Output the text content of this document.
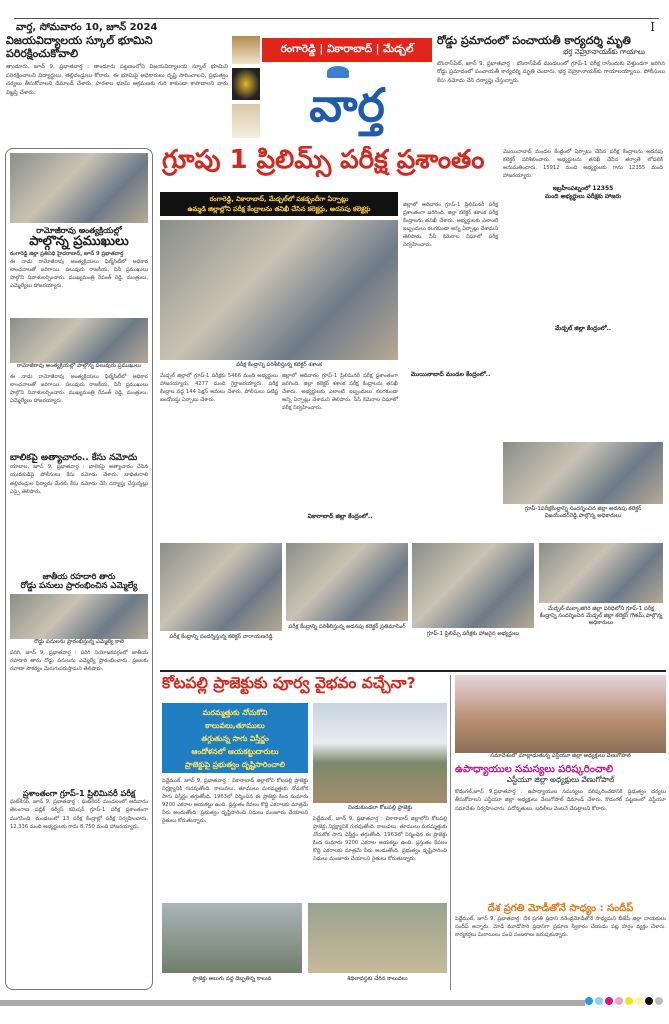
వార్త, సోమవారం 10, జూన్ 2024	I
విజయవిద్యాలయ స్కూల్ భూమిని పరిరక్షించుకోవాలి
తాండూరు, జూన్ 9, ప్రభాతవార్త : తాండూరు పట్టణంలోని విజయవిద్యాలయ స్కూల్ భూమిని పరిరక్షించాలని విద్యార్థులు, తల్లిదండ్రులు కోరారు. ఈ భూమిపై అధికారులు దృష్టి సారించాలని, ప్రభుత్వం చర్యలు తీసుకోవాలని డిమాండ్ చేశారు. పాఠశాల భూమి ఆక్రమణకు గురి కాకుండా కాపాడాలని వారు విజ్ఞప్తి చేశారు.
రంగారెడ్డి | వికారాబాద్ | మేడ్చల్
వార్త
రోడ్డు ప్రమాదంలో పంచాయతీ కార్యదర్శి మృతి
భర్త నెహ్రూనాయక్‌కు గాయాలు
బొంరాస్‌పేట్, జూన్ 9, ప్రభాతవార్త : బొంరాస్‌పేట్ మండలంలో గ్రూప్-1 పరీక్ష రాసేందుకు వెళ్తుండగా జరిగిన రోడ్డు ప్రమాదంలో పంచాయతీ కార్యదర్శి మృతి చెందారు. భర్త నెహ్రూనాయక్‌కు గాయాలయ్యాయి. పోలీసులు కేసు నమోదు చేసి దర్యాప్తు చేస్తున్నారు.
రామోజీరావు అంత్యక్రియల్లో
పాల్గొన్న ప్రముఖులు
రంగారెడ్డి జిల్లా ప్రతినిధి హైదరాబాద్, జూన్ 9 ప్రభాతవార్త
ఈ నాడు రామోజీరావు అంత్యక్రియలు ఫిల్మ్‌సిటీలో అధికార లాంఛనాలతో జరిగాయి. పలువురు రాజకీయ, సినీ ప్రముఖులు పాల్గొని నివాళులర్పించారు. ముఖ్యమంత్రి రేవంత్ రెడ్డి, మంత్రులు, ఎమ్మెల్యేలు హాజరయ్యారు.
రామోజీరావు అంత్యక్రియల్లో పాల్గొన్న పలువురు ప్రముఖులు
ఈ నాడు రామోజీరావు అంత్యక్రియలు ఫిల్మ్‌సిటీలో అధికార లాంఛనాలతో జరిగాయి. పలువురు రాజకీయ, సినీ ప్రముఖులు పాల్గొని నివాళులర్పించారు. ముఖ్యమంత్రి రేవంత్ రెడ్డి, మంత్రులు, ఎమ్మెల్యేలు హాజరయ్యారు.
బాలికపై అత్యాచారం.. కేసు నమోదు
యాలాల, జూన్ 9, ప్రభాతవార్త : బాలికపై అత్యాచారం చేసిన యువకుడిపై పోలీసులు కేసు నమోదు చేశారు. బాధితురాలి తల్లిదండ్రుల ఫిర్యాదు మేరకు కేసు నమోదు చేసి దర్యాప్తు చేస్తున్నట్లు ఎస్సై తెలిపారు.
జాతీయ రహదారి తారు
రోడ్డు పనులు ప్రారంభించిన ఎమ్మెల్యే
రోడ్డు పనులను ప్రారంభిస్తున్న ఎమ్మెల్యే కాలె
పరిగి, జూన్ 9, ప్రభాతవార్త : పరిగి నియోజకవర్గంలో జాతీయ రహదారి తారు రోడ్డు పనులను ఎమ్మెల్యే ప్రారంభించారు. ప్రజలకు రవాణా సౌకర్యం మెరుగుపరుస్తామని తెలిపారు.
ప్రశాంతంగా గ్రూప్-1 ప్రిలిమినరీ పరీక్ష
ఘట్‌కేసర్, జూన్ 9, ప్రభాతవార్త : ఘట్‌కేసర్ మండలంలో ఆదివారం తెలంగాణ పబ్లిక్ సర్వీస్ కమిషన్ గ్రూప్-1 పరీక్ష ప్రశాంతంగా ముగిసింది. మండలంలో 13 పరీక్ష కేంద్రాల్లో పరీక్ష నిర్వహించారు. 12,336 మంది అభ్యర్థులకు గాను 8,750 మంది హాజరయ్యారు.
గ్రూపు 1 ప్రిలిమ్స్ పరీక్ష ప్రశాంతం	మొయినాబాద్ మండల కేంద్రంలో ఏర్పాటు చేసిన పరీక్ష కేంద్రాలను అదనపు కలెక్టర్ పరిశీలించారు. అభ్యర్థులను తనిఖీ చేసిన తర్వాతే లోపలికి అనుమతించారు. 15912 మంది అభ్యర్థులకు గాను 12355 మంది హాజరయ్యారు.
రంగారెడ్డి, వికారాబాద్, మేడ్చల్‌లో పకడ్బందీగా ఏర్పాట్లు
ఉమ్మడి జిల్లాల్లోని పరీక్ష కేంద్రాలను తనిఖీ చేసిన కలెక్టర్లు, అదనపు కలెక్టర్లు
పరీక్ష కేంద్రాన్ని పరిశీలిస్తున్న కలెక్టర్ శశాంక
జిల్లాలో ఆదివారం గ్రూప్-1 ప్రిలిమినరీ పరీక్ష ప్రశాంతంగా జరిగింది. జిల్లా కలెక్టర్ శశాంక పరీక్ష కేంద్రాలను తనిఖీ చేశారు. అభ్యర్థులకు ఎలాంటి ఇబ్బందులు కలగకుండా అన్ని ఏర్పాట్లు చేశామని తెలిపారు. సీసీ కెమెరాల నిఘాలో పరీక్ష నిర్వహించారు.
మేడ్చల్ జిల్లాలో గ్రూప్-1 పరీక్షకు 5466 మంది అభ్యర్థులు హాజరయ్యారు. 4277 మంది గైర్హాజరయ్యారు. పరీక్ష కేంద్రాల వద్ద 144 సెక్షన్ అమలు చేశారు. పోలీసులు పటిష్ట బందోబస్తు ఏర్పాటు చేశారు.
జిల్లాలో ఆదివారం గ్రూప్-1 ప్రిలిమినరీ పరీక్ష ప్రశాంతంగా జరిగింది. జిల్లా కలెక్టర్ శశాంక పరీక్ష కేంద్రాలను తనిఖీ చేశారు. అభ్యర్థులకు ఎలాంటి ఇబ్బందులు కలగకుండా అన్ని ఏర్పాట్లు చేశామని తెలిపారు. సీసీ కెమెరాల నిఘాలో పరీక్ష నిర్వహించారు.
వికారాబాద్ జిల్లా కేంద్రంలో..
మొయినాబాద్ మండల కేంద్రంలో..
ఇబ్రహీంపట్నంలో 12355
మంది అభ్యర్థులు పరీక్షకు హాజరు
మేడ్చల్ జిల్లా కేంద్రంలో..
గ్రూప్-1పరీక్షకేంద్రాన్ని సందర్శించిన జిల్లా అదనపు కలెక్టర్ విజయేందర్‌రెడ్డి,పాల్గొన్న అధికారులు
పరీక్ష కేంద్రాన్ని సందర్శిస్తున్న కలెక్టర్ నారాయణరెడ్డి
పరీక్ష కేంద్రాన్ని పరిశీలిస్తున్న అదనపు కలెక్టర్ ప్రతిమాసింగ్
గ్రూప్-1 ప్రిలిమ్స్ పరీక్షకు హాజరైన అభ్యర్థులు
మేడ్చల్-మల్కాజిగిరి జిల్లా పరిధిలోని గ్రూప్-1 పరీక్ష కేంద్రాన్ని సందర్శించిన మేడ్చల్ జిల్లా కలెక్టర్ గౌతమ్,పాల్గొన్న అధికారులు
కోటపల్లి ప్రాజెక్టుకు పూర్వ వైభవం వచ్చేనా?
మరమ్మత్తుకు నోచుకోని
కాలువలు,తూములు
తగ్గుతున్న సాగు విస్తీర్ణం
ఆందోళనలో ఆయకట్టుదారులు
ప్రాజెక్టుపై ప్రభుత్వం దృష్టిసారించాలి
నిండుకుండలా కోటపల్లి ప్రాజెక్టు
పెద్దేముల్, జూన్ 9, ప్రభాతవార్త : వికారాబాద్ జిల్లాలోని కోటపల్లి ప్రాజెక్టు నిర్లక్ష్యానికి గురవుతోంది. కాలువలు, తూములు మరమ్మత్తుకు నోచుకోక సాగు విస్తీర్ణం తగ్గుతోంది. 1963లో నిర్మించిన ఈ ప్రాజెక్టు కింద సుమారు 9200 ఎకరాల ఆయకట్టు ఉంది. ప్రస్తుతం కేవలం కొద్ది ఎకరాలకు మాత్రమే నీరు అందుతోంది. ప్రభుత్వం దృష్టిసారించి నిధులు మంజూరు చేయాలని రైతులు కోరుతున్నారు.	పెద్దేముల్, జూన్ 9, ప్రభాతవార్త : వికారాబాద్ జిల్లాలోని కోటపల్లి ప్రాజెక్టు నిర్లక్ష్యానికి గురవుతోంది. కాలువలు, తూములు మరమ్మత్తుకు నోచుకోక సాగు విస్తీర్ణం తగ్గుతోంది. 1963లో నిర్మించిన ఈ ప్రాజెక్టు కింద సుమారు 9200 ఎకరాల ఆయకట్టు ఉంది. ప్రస్తుతం కేవలం కొద్ది ఎకరాలకు మాత్రమే నీరు అందుతోంది. ప్రభుత్వం దృష్టిసారించి నిధులు మంజూరు చేయాలని రైతులు కోరుతున్నారు.
ప్రాజెక్టు అలుగు వద్ద దెబ్బతిన్న కాలువ	శిథిలావస్థకు చేరిన కాలువలు
సమావేశంలో మాట్లాడుతున్న ఎస్టీయూ జిల్లా అధ్యక్షులు వేణుగోపాల్
ఉపాధ్యాయుల సమస్యలు పరిష్కరించాలి
ఎస్టీయూ జిల్లా అధ్యక్షులు వేణుగోపాల్
కొడంగల్,జూన్ 9,ప్రభాతవార్త : ఉపాధ్యాయుల సమస్యలు పరిష్కరించడానికి ప్రభుత్వం చర్యలు తీసుకోవాలని ఎస్టీయూ జిల్లా అధ్యక్షులు వేణుగోపాల్ డిమాండ్ చేశారు. కొడంగల్ పట్టణంలో ఎస్టీయూ సమావేశం నిర్వహించారు. పదోన్నతులు, బదిలీలు వెంటనే చేపట్టాలని కోరారు.
దేశ ప్రగతి మోడీతోనే సాధ్యం : సందీప్
పెద్దేముల్, జూన్ 9, ప్రభాతవార్త: దేశ ప్రగతి ప్రధాని నరేంద్రమోడీతోనే సాధ్యమని బీజేపీ జిల్లా నాయకులు సందీప్ అన్నారు. మోడీ మూడోసారి ప్రధానిగా ప్రమాణ స్వీకారం చేయడం పట్ల హర్షం వ్యక్తం చేశారు. కార్యకర్తలు మిఠాయిలు పంచి సంబరాలు జరుపుకున్నారు.
